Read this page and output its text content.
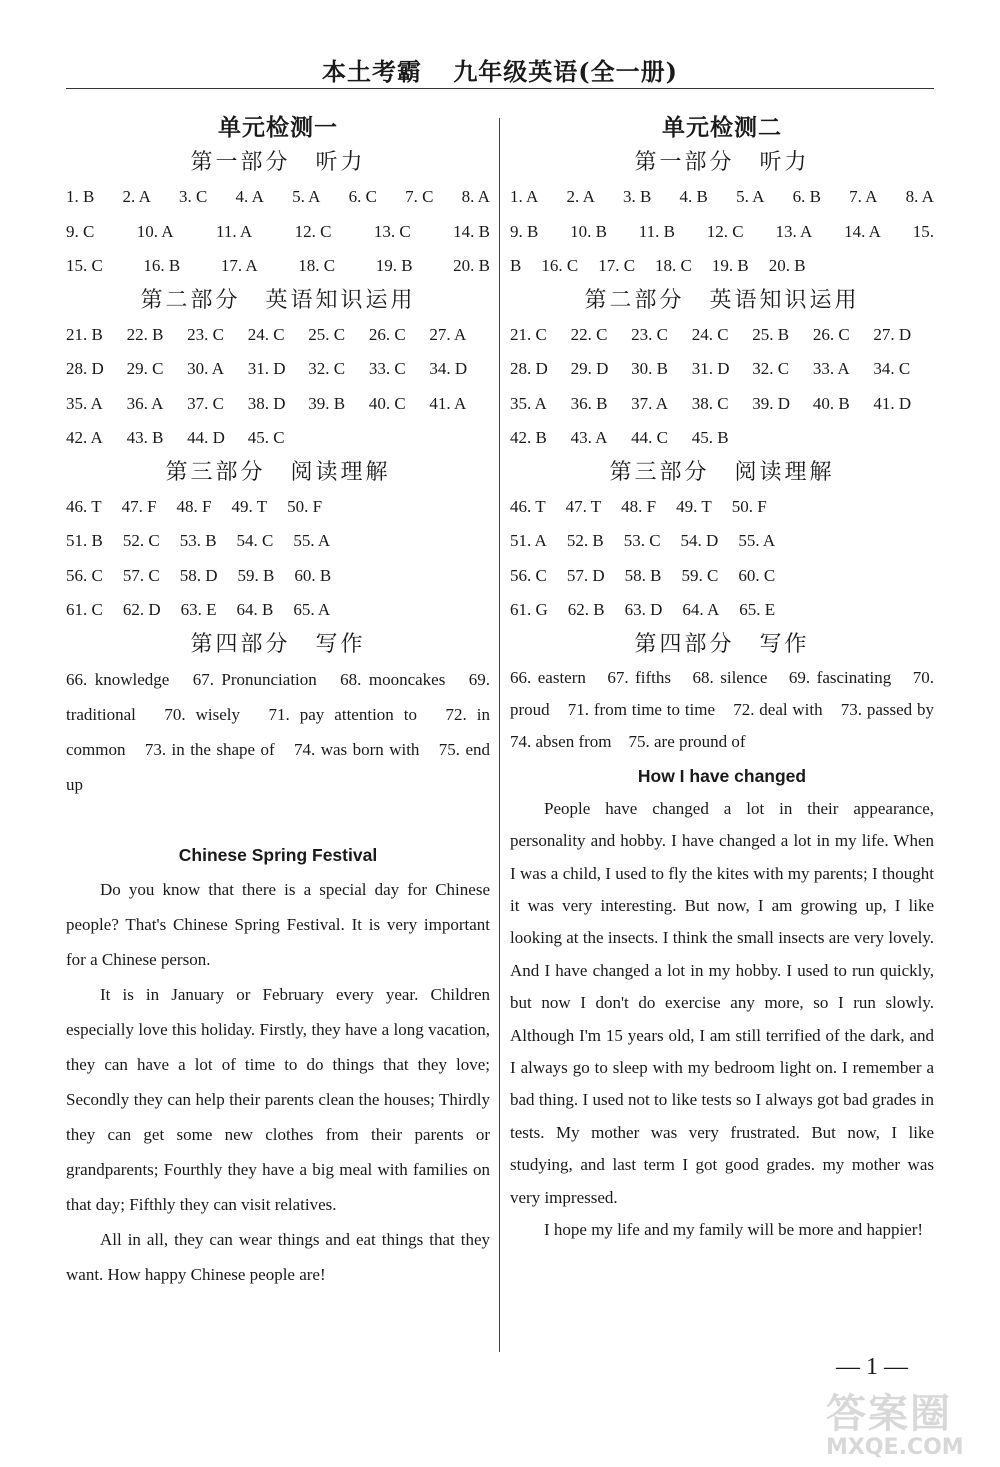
本土考霸 九年级英语(全一册)
单元检测一
第一部分　听力
1. B 2. A 3. C 4. A 5. A 6. C 7. C 8. A
9. C 10. A 11. A 12. C 13. C 14. B
15. C 16. B 17. A 18. C 19. B 20. B
第二部分　英语知识运用
21. B	22. B	23. C	24. C	25. C	26. C	27. A
28. D	29. C	30. A	31. D	32. C	33. C	34. D
35. A	36. A	37. C	38. D	39. B	40. C	41. A
42. A	43. B	44. D	45. C
第三部分　阅读理解
46. T 47. F 48. F 49. T 50. F
51. B 52. C 53. B 54. C 55. A
56. C 57. C 58. D 59. B 60. B
61. C 62. D 63. E 64. B 65. A
第四部分　写作
66. knowledge　67. Pronunciation　68. mooncakes　69. traditional　70. wisely　71. pay attention to　72. in common　73. in the shape of　74. was born with　75. end up
Chinese Spring Festival

Do you know that there is a special day for Chinese people? That's Chinese Spring Festival. It is very important for a Chinese person.

It is in January or February every year. Children especially love this holiday. Firstly, they have a long vacation, they can have a lot of time to do things that they love; Secondly they can help their parents clean the houses; Thirdly they can get some new clothes from their parents or grandparents; Fourthly they have a big meal with families on that day; Fifthly they can visit relatives.

All in all, they can wear things and eat things that they want. How happy Chinese people are!

单元检测二
第一部分　听力
1. A 2. A 3. B 4. B 5. A 6. B 7. A 8. A
9. B 10. B 11. B 12. C 13. A 14. A 15.
B 16. C 17. C 18. C 19. B 20. B
第二部分　英语知识运用
21. C	22. C	23. C	24. C	25. B	26. C	27. D
28. D	29. D	30. B	31. D	32. C	33. A	34. C
35. A	36. B	37. A	38. C	39. D	40. B	41. D
42. B	43. A	44. C	45. B
第三部分　阅读理解
46. T 47. T 48. F 49. T 50. F
51. A 52. B 53. C 54. D 55. A
56. C 57. D 58. B 59. C 60. C
61. G 62. B 63. D 64. A 65. E
第四部分　写作
66. eastern　67. fifths　68. silence　69. fascinating　70. proud　71. from time to time　72. deal with　73. passed by　74. absen from　75. are pround of
How I have changed

People have changed a lot in their appearance, personality and hobby. I have changed a lot in my life. When I was a child, I used to fly the kites with my parents; I thought it was very interesting. But now, I am growing up, I like looking at the insects. I think the small insects are very lovely. And I have changed a lot in my hobby. I used to run quickly, but now I don't do exercise any more, so I run slowly. Although I'm 15 years old, I am still terrified of the dark, and I always go to sleep with my bedroom light on. I remember a bad thing. I used not to like tests so I always got bad grades in tests. My mother was very frustrated. But now, I like studying, and last term I got good grades. my mother was very impressed.

I hope my life and my family will be more and happier!

— 1 —
答案圈
MXQE.COM
